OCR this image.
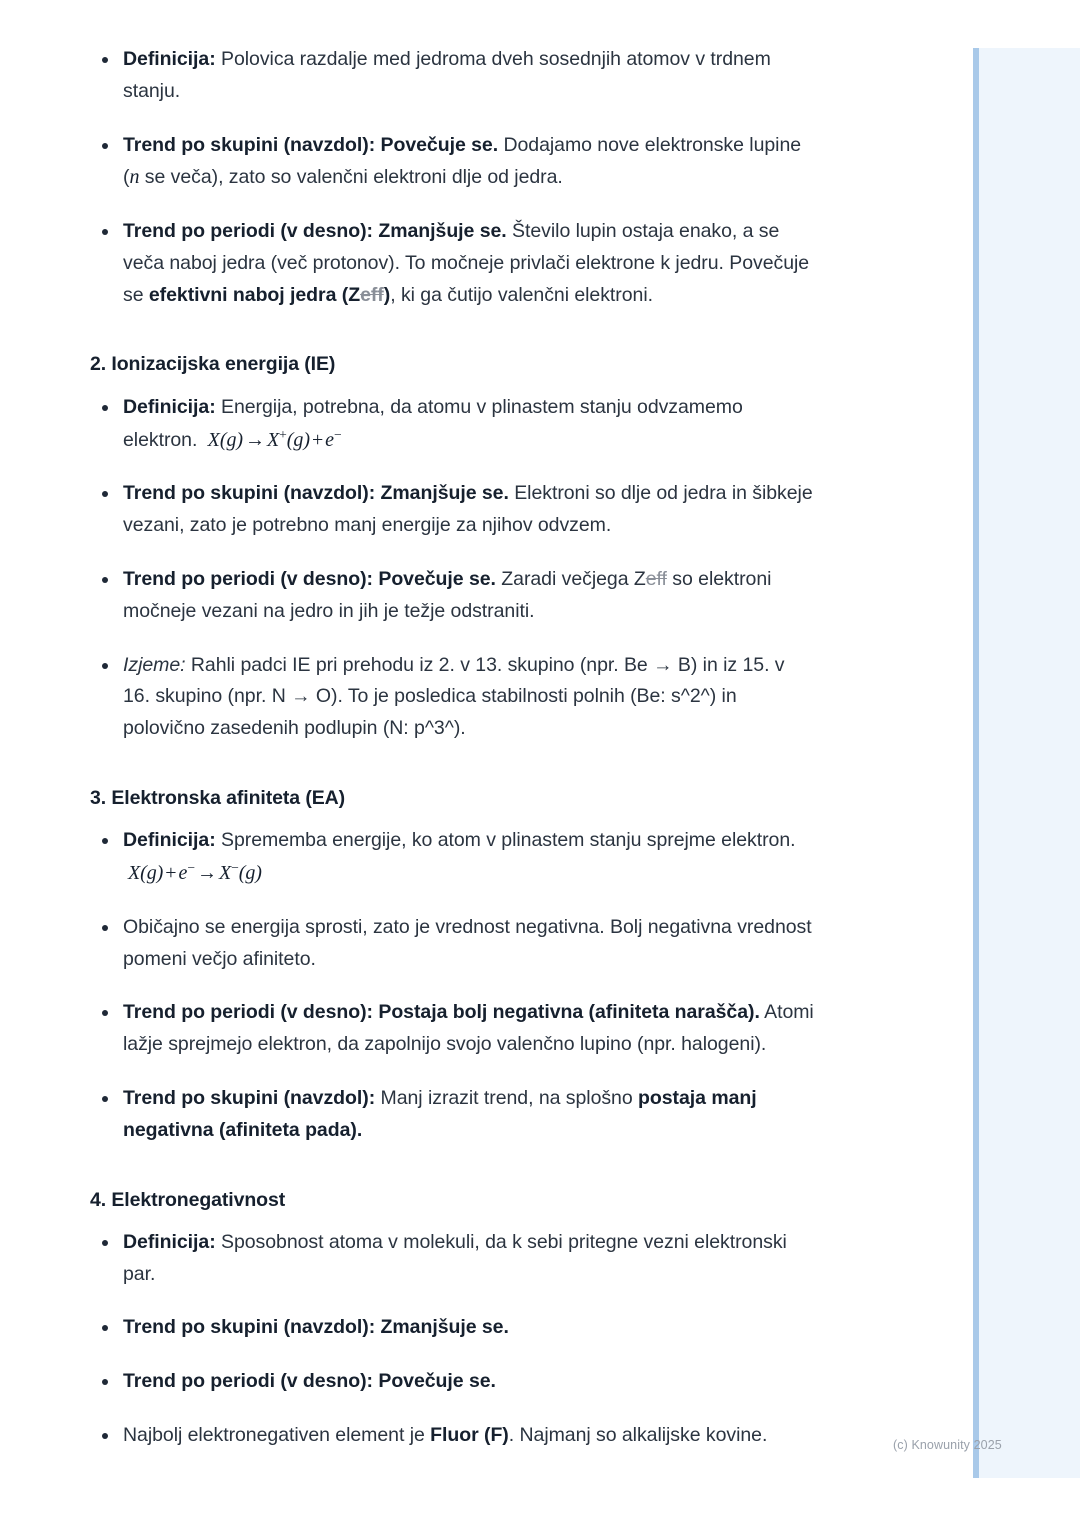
Definicija: Polovica razdalje med jedroma dveh sosednjih atomov v trdnem stanju.
Trend po skupini (navzdol): Povečuje se. Dodajamo nove elektronske lupine (n se veča), zato so valenčni elektroni dlje od jedra.
Trend po periodi (v desno): Zmanjšuje se. Število lupin ostaja enako, a se veča naboj jedra (več protonov). To močneje privlači elektrone k jedru. Povečuje se efektivni naboj jedra (Zeff), ki ga čutijo valenčni elektroni.
2. Ionizacijska energija (IE)
Definicija: Energija, potrebna, da atomu v plinastem stanju odvzamemo elektron. X(g) → X+(g) + e−
Trend po skupini (navzdol): Zmanjšuje se. Elektroni so dlje od jedra in šibkeje vezani, zato je potrebno manj energije za njihov odvzem.
Trend po periodi (v desno): Povečuje se. Zaradi večjega Zeff so elektroni močneje vezani na jedro in jih je težje odstraniti.
Izjeme: Rahli padci IE pri prehodu iz 2. v 13. skupino (npr. Be → B) in iz 15. v 16. skupino (npr. N → O). To je posledica stabilnosti polnih (Be: s^2^) in polovično zasedenih podlupin (N: p^3^).
3. Elektronska afiniteta (EA)
Definicija: Sprememba energije, ko atom v plinastem stanju sprejme elektron.  X(g) + e− → X−(g)
Običajno se energija sprosti, zato je vrednost negativna. Bolj negativna vrednost pomeni večjo afiniteto.
Trend po periodi (v desno): Postaja bolj negativna (afiniteta narašča). Atomi lažje sprejmejo elektron, da zapolnijo svojo valenčno lupino (npr. halogeni).
Trend po skupini (navzdol): Manj izrazit trend, na splošno postaja manj negativna (afiniteta pada).
4. Elektronegativnost
Definicija: Sposobnost atoma v molekuli, da k sebi pritegne vezni elektronski par.
Trend po skupini (navzdol): Zmanjšuje se.
Trend po periodi (v desno): Povečuje se.
Najbolj elektronegativen element je Fluor (F). Najmanj so alkalijske kovine.	(c) Knowunity 2025
